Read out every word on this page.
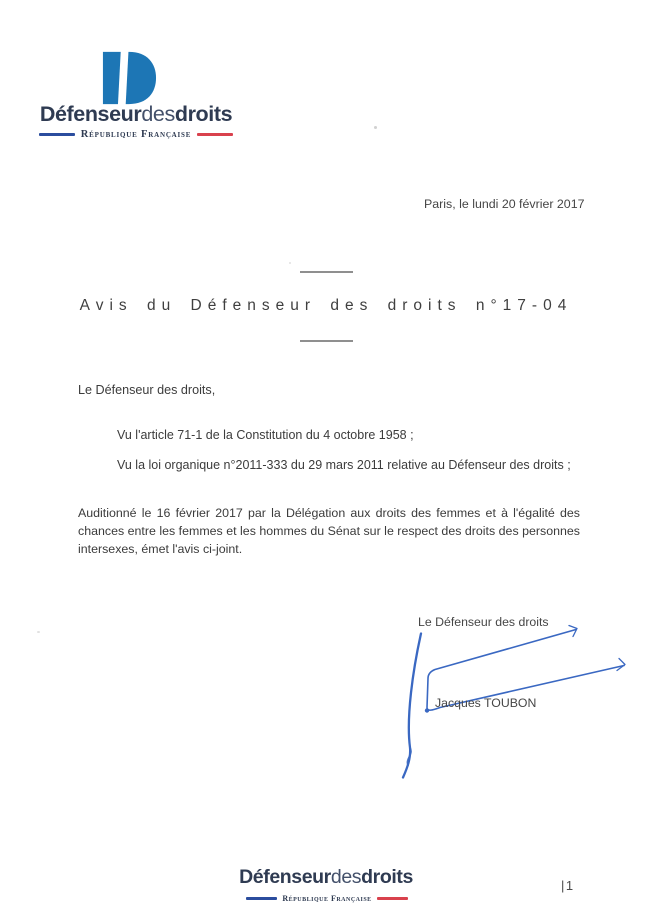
Défenseurdesdroits
République Française
Paris, le lundi 20 février 2017
Avis du Défenseur des droits n°17-04
Le Défenseur des droits,
Vu l'article 71-1 de la Constitution du 4 octobre 1958 ;
Vu la loi organique n°2011-333 du 29 mars 2011 relative au Défenseur des droits ;
Auditionné le 16 février 2017 par la Délégation aux droits des femmes et à l'égalité des chances entre les femmes et les hommes du Sénat sur le respect des droits des personnes intersexes, émet l'avis ci-joint.
Le Défenseur des droits
Jacques TOUBON
Défenseurdesdroits
République Française
|1
